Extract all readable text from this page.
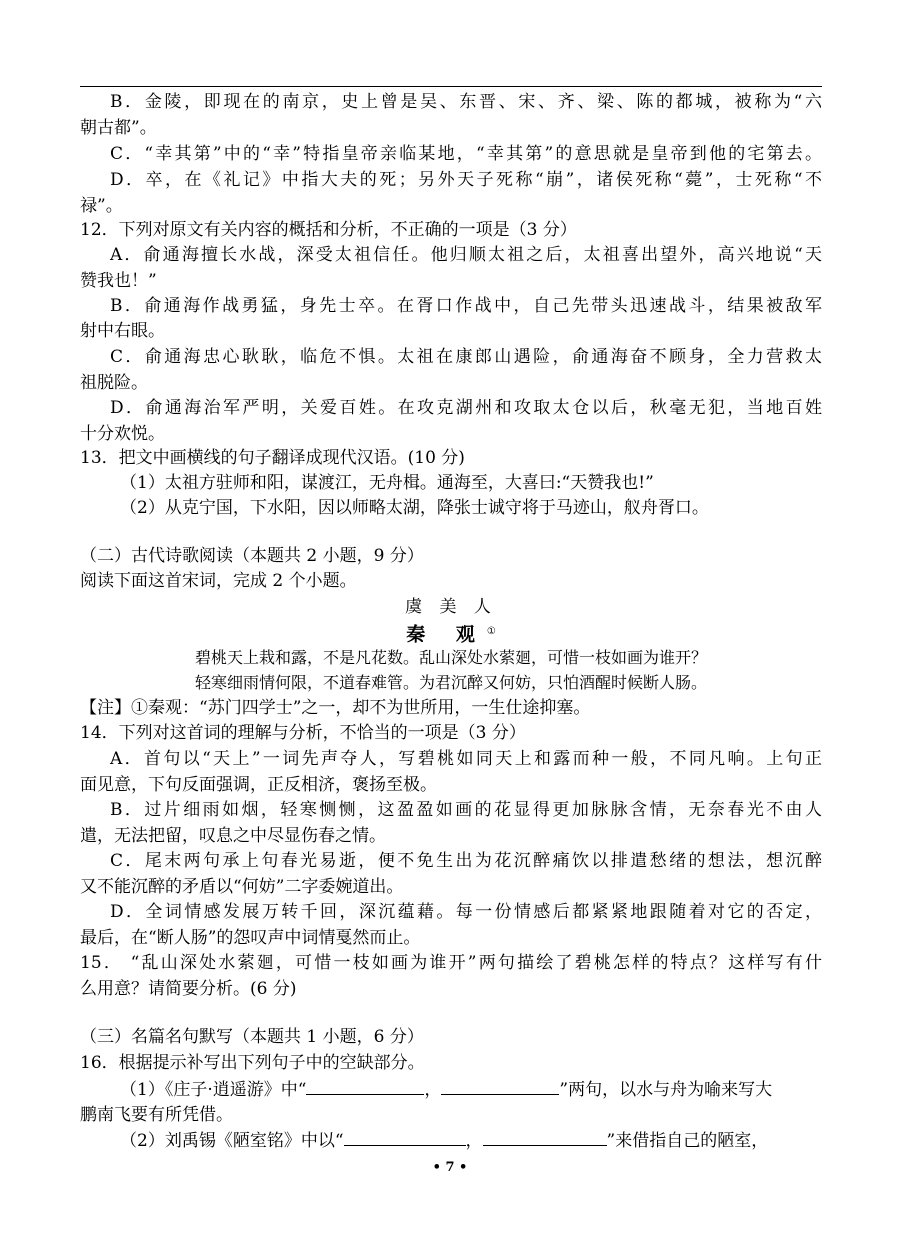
B．金陵，即现在的南京，史上曾是吴、东晋、宋、齐、梁、陈的都城，被称为“六
朝古都”。
C．“幸其第”中的“幸”特指皇帝亲临某地，“幸其第”的意思就是皇帝到他的宅第去。
D．卒，在《礼记》中指大夫的死；另外天子死称“崩”，诸侯死称“薨”，士死称“不
禄”。
12．下列对原文有关内容的概括和分析，不正确的一项是（3 分）
A．俞通海擅长水战，深受太祖信任。他归顺太祖之后，太祖喜出望外，高兴地说“天
赞我也！”
B．俞通海作战勇猛，身先士卒。在胥口作战中，自己先带头迅速战斗，结果被敌军
射中右眼。
C．俞通海忠心耿耿，临危不惧。太祖在康郎山遇险，俞通海奋不顾身，全力营救太
祖脱险。
D．俞通海治军严明，关爱百姓。在攻克湖州和攻取太仓以后，秋毫无犯，当地百姓
十分欢悦。
13．把文中画横线的句子翻译成现代汉语。(10 分)
（1）太祖方驻师和阳，谋渡江，无舟楫。通海至，大喜曰:“天赞我也!”
（2）从克宁国，下水阳，因以师略太湖，降张士诚守将于马迹山，舣舟胥口。
（二）古代诗歌阅读（本题共 2 小题，9 分）
阅读下面这首宋词，完成 2 个小题。
虞 美 人
秦 观①
碧桃天上栽和露，不是凡花数。乱山深处水萦廻，可惜一枝如画为谁开？
轻寒细雨情何限，不道春难管。为君沉醉又何妨，只怕酒醒时候断人肠。
【注】①秦观：“苏门四学士”之一，却不为世所用，一生仕途抑塞。
14．下列对这首词的理解与分析，不恰当的一项是（3 分）
A．首句以“天上”一词先声夺人，写碧桃如同天上和露而种一般，不同凡响。上句正
面见意，下句反面强调，正反相济，褒扬至极。
B．过片细雨如烟，轻寒恻恻，这盈盈如画的花显得更加脉脉含情，无奈春光不由人
遣，无法把留，叹息之中尽显伤春之情。
C．尾末两句承上句春光易逝，便不免生出为花沉醉痛饮以排遣愁绪的想法，想沉醉
又不能沉醉的矛盾以“何妨”二字委婉道出。
D．全词情感发展万转千回，深沉蕴藉。每一份情感后都紧紧地跟随着对它的否定，
最后，在“断人肠”的怨叹声中词情戛然而止。
15． “乱山深处水萦廻，可惜一枝如画为谁开”两句描绘了碧桃怎样的特点？这样写有什
么用意？请简要分析。(6 分)
（三）名篇名句默写（本题共 1 小题，6 分）
16．根据提示补写出下列句子中的空缺部分。
（1）《庄子·逍遥游》中“	，	”两句，以水与舟为喻来写大
鹏南飞要有所凭借。
（2）刘禹锡《陋室铭》中以“	，	”来借指自己的陋室，
• 7 •
